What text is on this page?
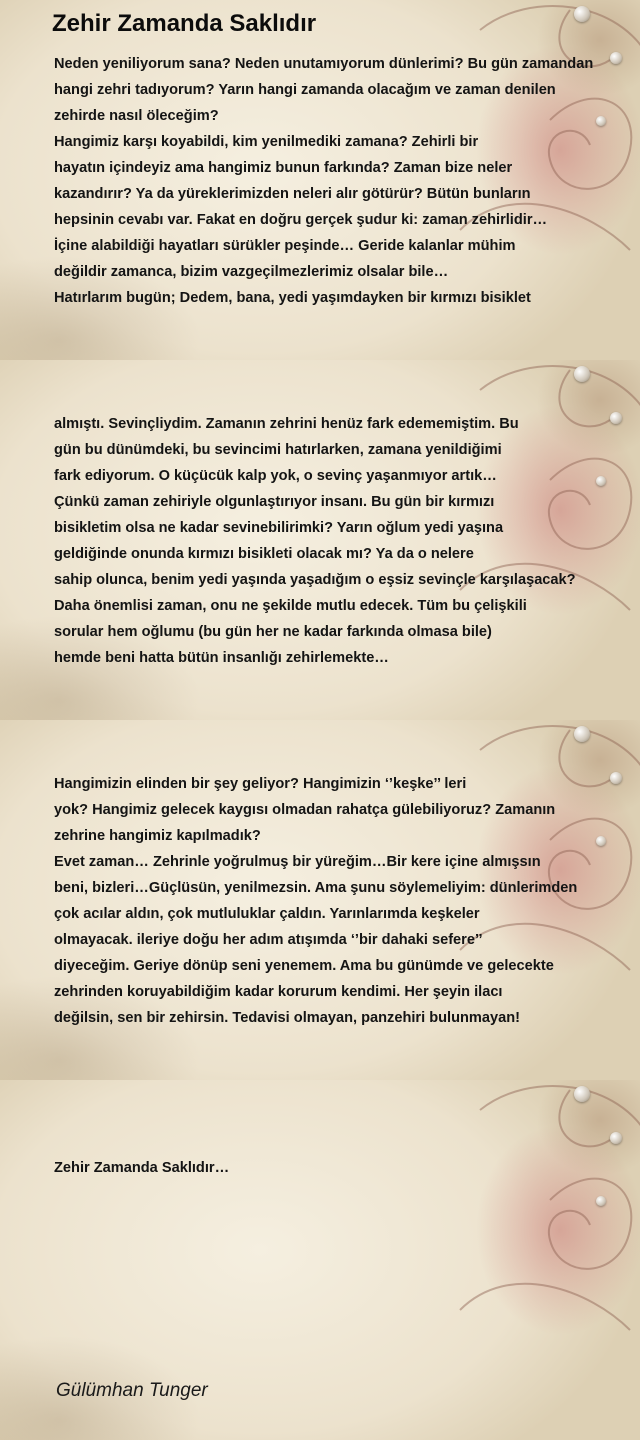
Zehir Zamanda Saklıdır

Neden yeniliyorum sana? Neden unutamıyorum dünlerimi? Bu gün zamandan
hangi zehri tadıyorum? Yarın hangi zamanda olacağım ve zaman denilen
zehirde nasıl öleceğim?
Hangimiz karşı koyabildi, kim yenilmediki zamana? Zehirli bir
hayatın içindeyiz ama hangimiz bunun farkında? Zaman bize neler
kazandırır? Ya da yüreklerimizden neleri alır götürür? Bütün bunların
hepsinin cevabı var. Fakat en doğru gerçek şudur ki: zaman zehirlidir…
İçine alabildiği hayatları sürükler peşinde… Geride kalanlar mühim
değildir zamanca, bizim vazgeçilmezlerimiz olsalar bile…
Hatırlarım bugün; Dedem, bana, yedi yaşımdayken bir kırmızı bisiklet

almıştı. Sevinçliydim. Zamanın zehrini henüz fark edememiştim. Bu
gün bu dünümdeki, bu sevincimi hatırlarken, zamana yenildiğimi
fark ediyorum. O küçücük kalp yok, o sevinç yaşanmıyor artık…
Çünkü zaman zehiriyle olgunlaştırıyor insanı. Bu gün bir kırmızı
bisikletim olsa ne kadar sevinebilirimki? Yarın oğlum yedi yaşına
geldiğinde onunda kırmızı bisikleti olacak mı? Ya da o nelere
sahip olunca, benim yedi yaşında yaşadığım o eşsiz sevinçle karşılaşacak?
Daha önemlisi zaman, onu ne şekilde mutlu edecek. Tüm bu çelişkili
sorular hem oğlumu (bu gün her ne kadar farkında olmasa bile)
hemde beni hatta bütün insanlığı zehirlemekte…

Hangimizin elinden bir şey geliyor? Hangimizin ‘’keşke’’ leri
yok? Hangimiz gelecek kaygısı olmadan rahatça gülebiliyoruz? Zamanın
zehrine hangimiz kapılmadık?
Evet zaman… Zehrinle yoğrulmuş bir yüreğim…Bir kere içine almışsın
beni, bizleri…Güçlüsün, yenilmezsin. Ama şunu söylemeliyim: dünlerimden
çok acılar aldın, çok mutluluklar çaldın. Yarınlarımda keşkeler
olmayacak. ileriye doğu her adım atışımda ‘’bir dahaki sefere’’
diyeceğim. Geriye dönüp seni yenemem. Ama bu günümde ve gelecekte
zehrinden koruyabildiğim kadar korurum kendimi. Her şeyin ilacı
değilsin, sen bir zehirsin. Tedavisi olmayan, panzehiri bulunmayan!

Zehir Zamanda Saklıdır…
Gülümhan Tunger
